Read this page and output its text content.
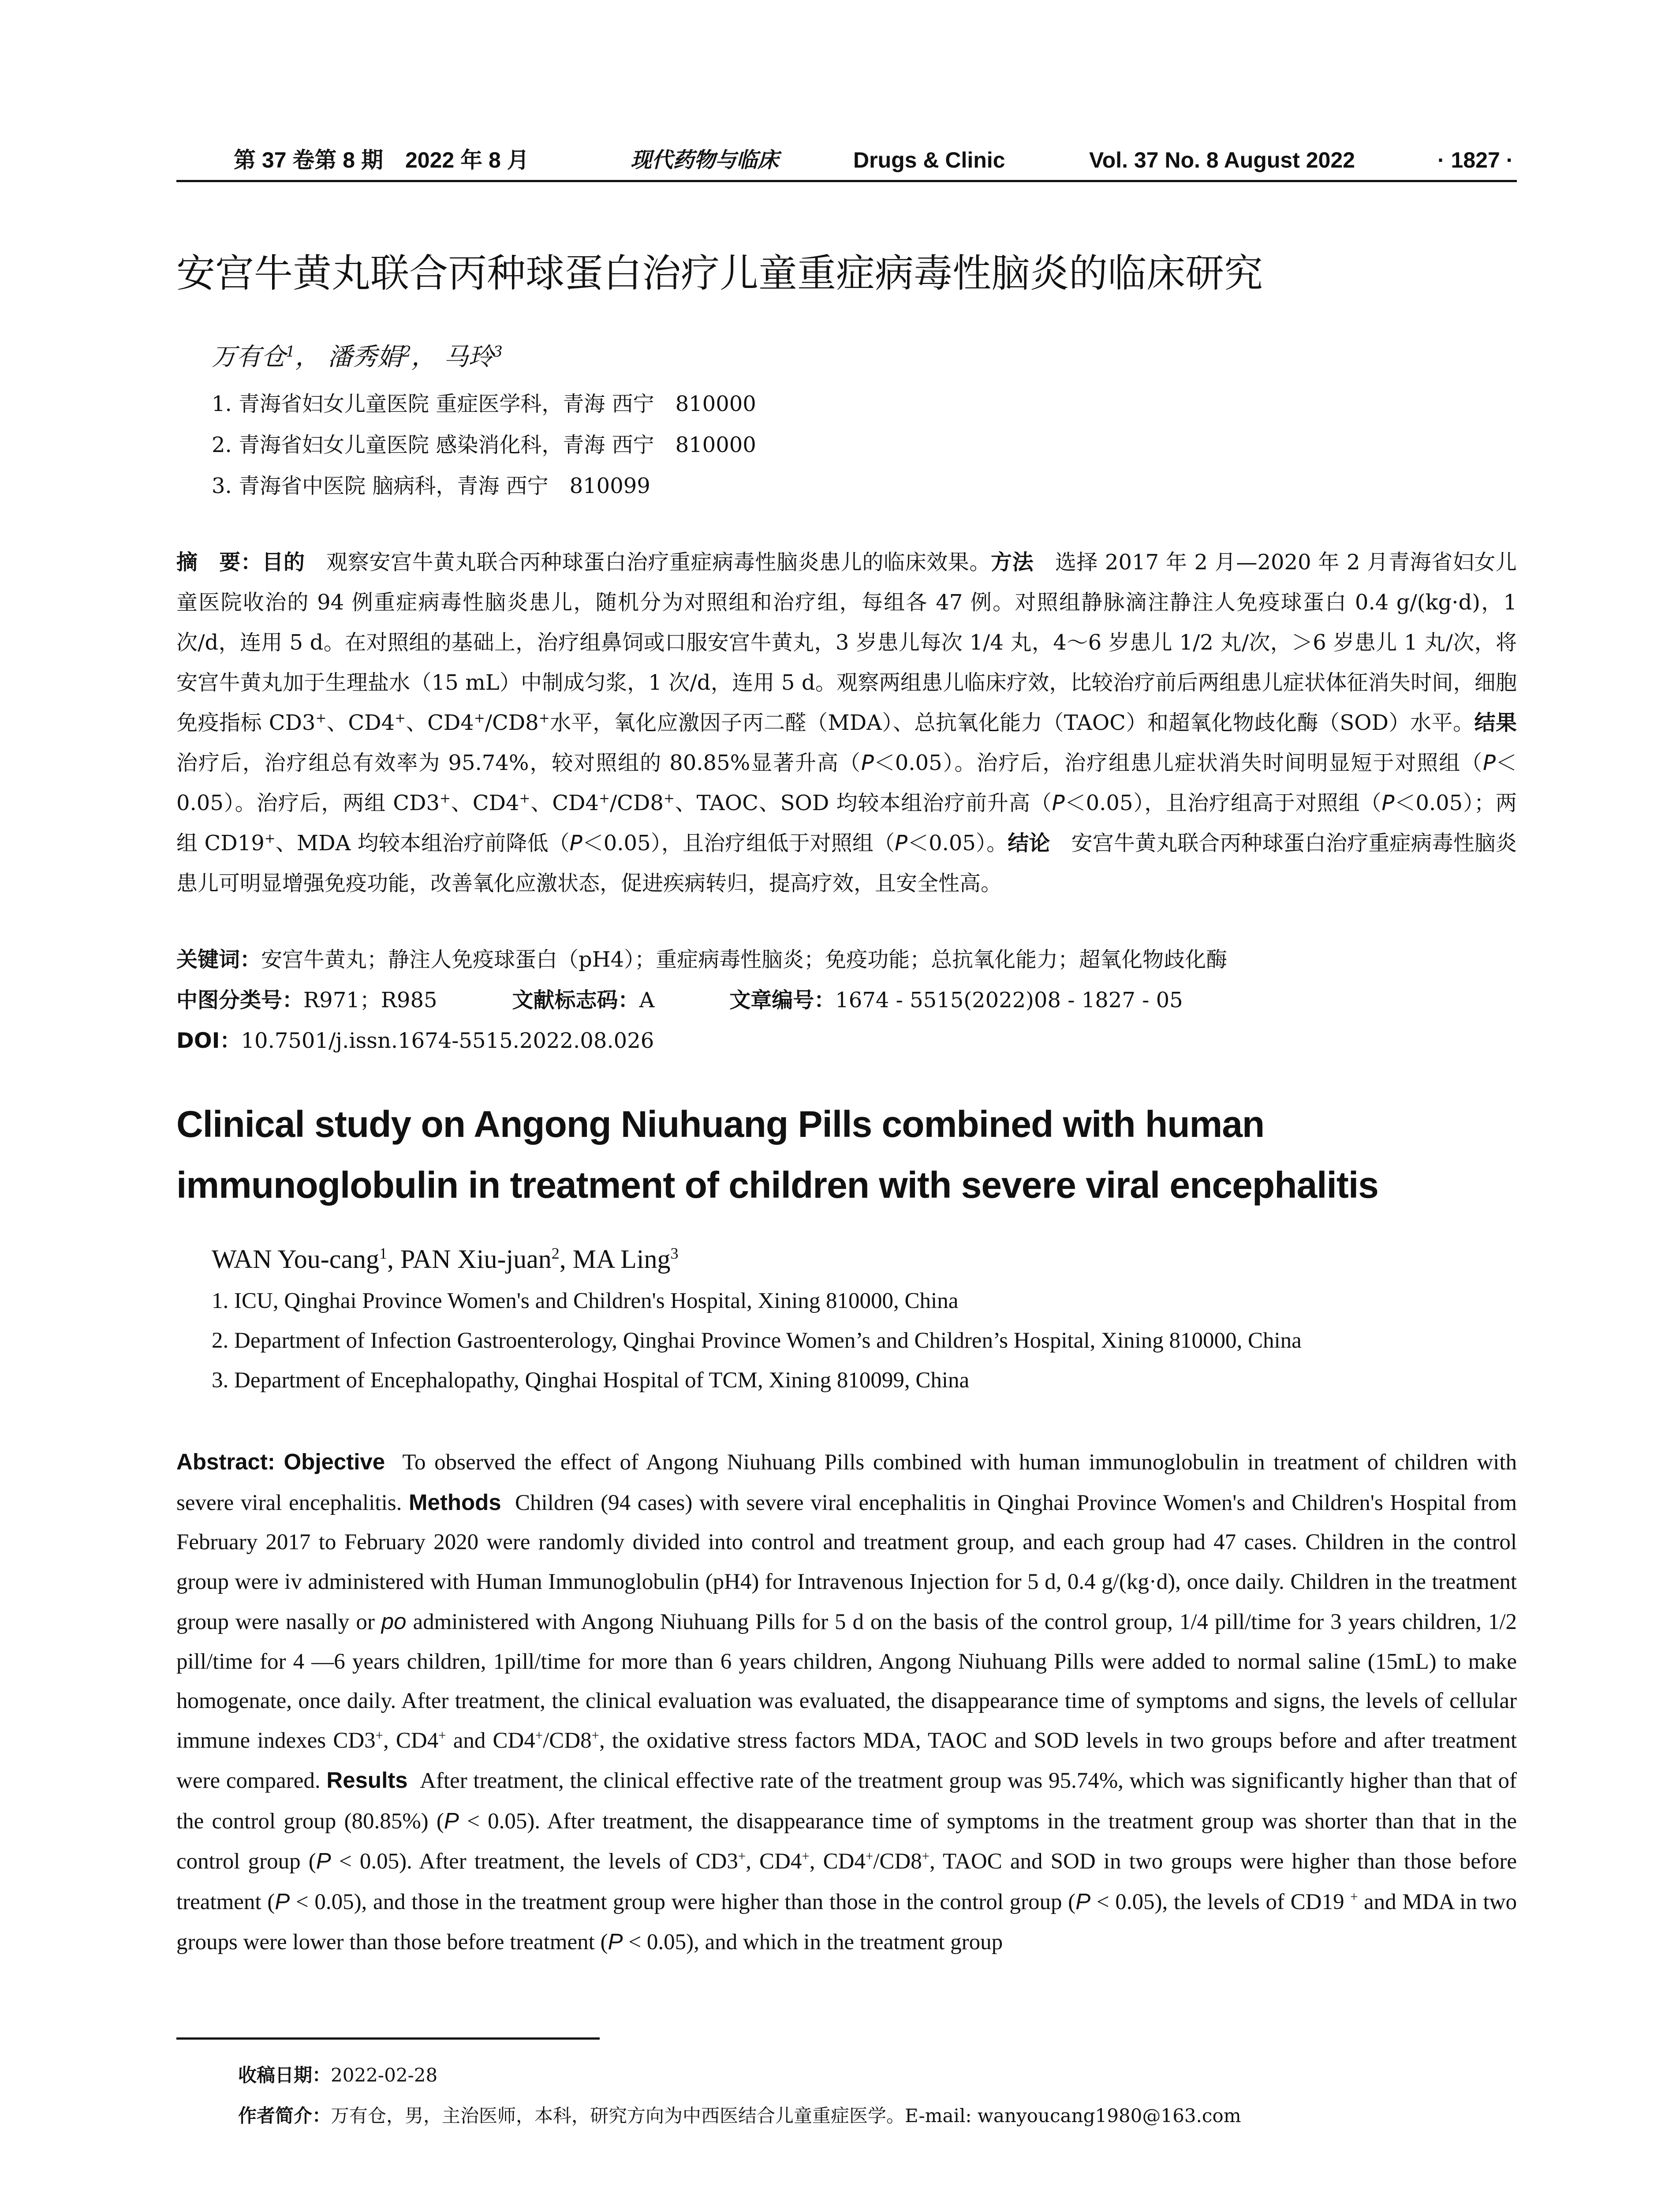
第 37 卷第 8 期　2022 年 8 月	现代药物与临床	Drugs & Clinic	Vol. 37 No. 8 August 2022	· 1827 ·
安宫牛黄丸联合丙种球蛋白治疗儿童重症病毒性脑炎的临床研究
万有仓$^1$， 潘秀娟$^2$， 马玲$^3$
1. 青海省妇女儿童医院 重症医学科，青海 西宁　810000
2. 青海省妇女儿童医院 感染消化科，青海 西宁　810000
3. 青海省中医院 脑病科，青海 西宁　810099

摘　要：目的　 观察安宫牛黄丸联合丙种球蛋白治疗重症病毒性脑炎患儿的临床效果。方法　 选择 2017 年 2 月—2020 年 2 月青海省妇女儿童医院收治的 94 例重症病毒性脑炎患儿，随机分为对照组和治疗组，每组各 47 例。对照组静脉滴注静注人免疫球蛋白 0.4 g/(kg·d)，1 次/d，连用 5 d。在对照组的基础上，治疗组鼻饲或口服安宫牛黄丸，3 岁患儿每次 1/4 丸，4～6 岁患儿 1/2 丸/次，＞6 岁患儿 1 丸/次，将安宫牛黄丸加于生理盐水（15 mL）中制成匀浆，1 次/d，连用 5 d。观察两组患儿临床疗效，比较治疗前后两组患儿症状体征消失时间，细胞免疫指标 CD3+、CD4+、CD4+/CD8+水平，氧化应激因子丙二醛（MDA）、总抗氧化能力（TAOC）和超氧化物歧化酶（SOD）水平。结果　治疗后，治疗组总有效率为 95.74%，较对照组的 80.85%显著升高（P＜0.05）。治疗后，治疗组患儿症状消失时间明显短于对照组（P＜0.05）。治疗后，两组 CD3+、CD4+、CD4+/CD8+、TAOC、SOD 均较本组治疗前升高（P＜0.05），且治疗组高于对照组（P＜0.05）；两组 CD19+、MDA 均较本组治疗前降低（P＜0.05），且治疗组低于对照组（P＜0.05）。结论　 安宫牛黄丸联合丙种球蛋白治疗重症病毒性脑炎患儿可明显增强免疫功能，改善氧化应激状态，促进疾病转归，提高疗效，且安全性高。

关键词：安宫牛黄丸；静注人免疫球蛋白（pH4）；重症病毒性脑炎；免疫功能；总抗氧化能力；超氧化物歧化酶
中图分类号：R971；R985	文献标志码：A	文章编号：1674 - 5515(2022)08 - 1827 - 05
DOI：10.7501/j.issn.1674-5515.2022.08.026
Clinical study on Angong Niuhuang Pills combined with human immunoglobulin in treatment of children with severe viral encephalitis
WAN You-cang$^1$, PAN Xiu-juan$^2$, MA Ling$^3$
1. ICU, Qinghai Province Women's and Children's Hospital, Xining 810000, China
2. Department of Infection Gastroenterology, Qinghai Province Women’s and Children’s Hospital, Xining 810000, China
3. Department of Encephalopathy, Qinghai Hospital of TCM, Xining 810099, China

Abstract: Objective To observed the effect of Angong Niuhuang Pills combined with human immunoglobulin in treatment of children with severe viral encephalitis. Methods Children (94 cases) with severe viral encephalitis in Qinghai Province Women's and Children's Hospital from February 2017 to February 2020 were randomly divided into control and treatment group, and each group had 47 cases. Children in the control group were iv administered with Human Immunoglobulin (pH4) for Intravenous Injection for 5 d, 0.4 g/(kg·d), once daily. Children in the treatment group were nasally or po administered with Angong Niuhuang Pills for 5 d on the basis of the control group, 1/4 pill/time for 3 years children, 1/2 pill/time for 4 —6 years children, 1pill/time for more than 6 years children, Angong Niuhuang Pills were added to normal saline (15mL) to make homogenate, once daily. After treatment, the clinical evaluation was evaluated, the disappearance time of symptoms and signs, the levels of cellular immune indexes CD3+, CD4+ and CD4+/CD8+, the oxidative stress factors MDA, TAOC and SOD levels in two groups before and after treatment were compared. Results After treatment, the clinical effective rate of the treatment group was 95.74%, which was significantly higher than that of the control group (80.85%) (P < 0.05). After treatment, the disappearance time of symptoms in the treatment group was shorter than that in the control group (P < 0.05). After treatment, the levels of CD3+, CD4+, CD4+/CD8+, TAOC and SOD in two groups were higher than those before treatment (P < 0.05), and those in the treatment group were higher than those in the control group (P < 0.05), the levels of CD19 + and MDA in two groups were lower than those before treatment (P < 0.05), and which in the treatment group

收稿日期：2022-02-28
作者简介：万有仓，男，主治医师，本科，研究方向为中西医结合儿童重症医学。E-mail: wanyoucang1980@163.com
